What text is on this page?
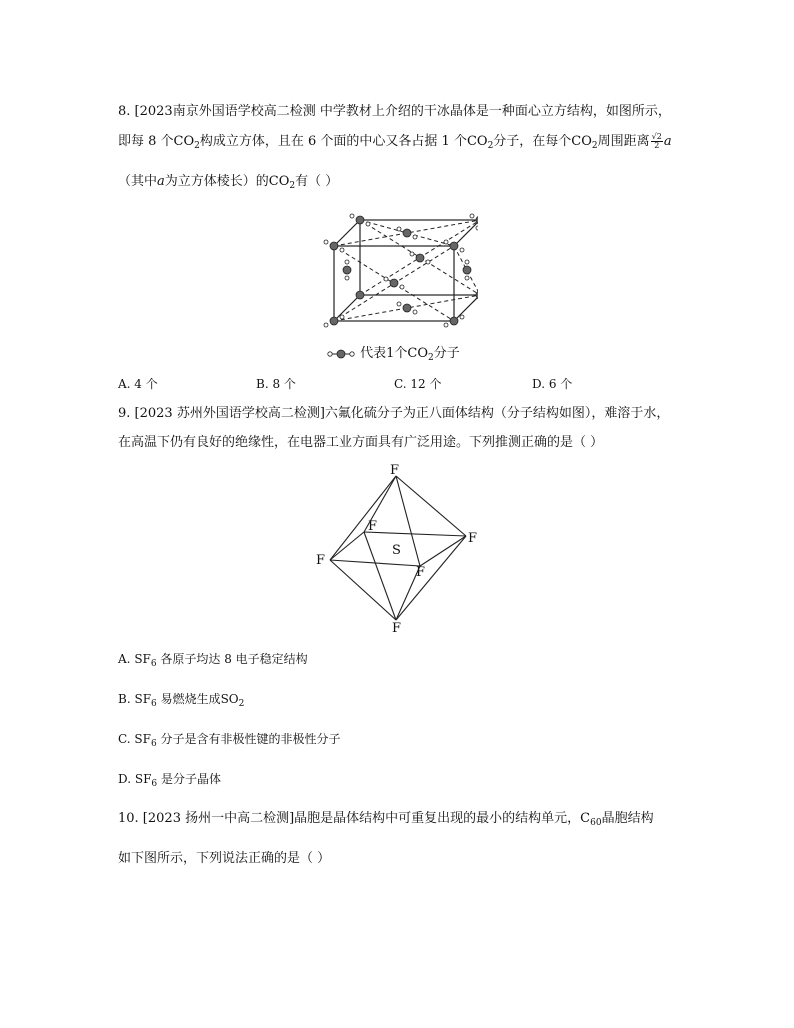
8. [2023南京外国语学校高二检测 中学教材上介绍的干冰晶体是一种面心立方结构，如图所示，
即每 8 个$CO_2$构成立方体，且在 6 个面的中心又各占据 1 个$CO_2$分子，在每个$CO_2$周围距离 $\frac{√2}{2}$ a
（其中a为立方体棱长）的$CO_2$有（ ）
代表1个$CO_2$分子
A. 4 个	B. 8 个	C. 12 个	D. 6 个
9. [2023 苏州外国语学校高二检测]六氟化硫分子为正八面体结构（分子结构如图），难溶于水，
在高温下仍有良好的绝缘性，在电器工业方面具有广泛用途。下列推测正确的是（ ）
F
F
F
F
F
F
S
A. $SF_6$ 各原子均达 8 电子稳定结构
B. $SF_6$ 易燃烧生成$SO_2$
C. $SF_6$ 分子是含有非极性键的非极性分子
D. $SF_6$ 是分子晶体
10. [2023 扬州一中高二检测]晶胞是晶体结构中可重复出现的最小的结构单元，$C_{60}$晶胞结构
如下图所示，下列说法正确的是（ ）
